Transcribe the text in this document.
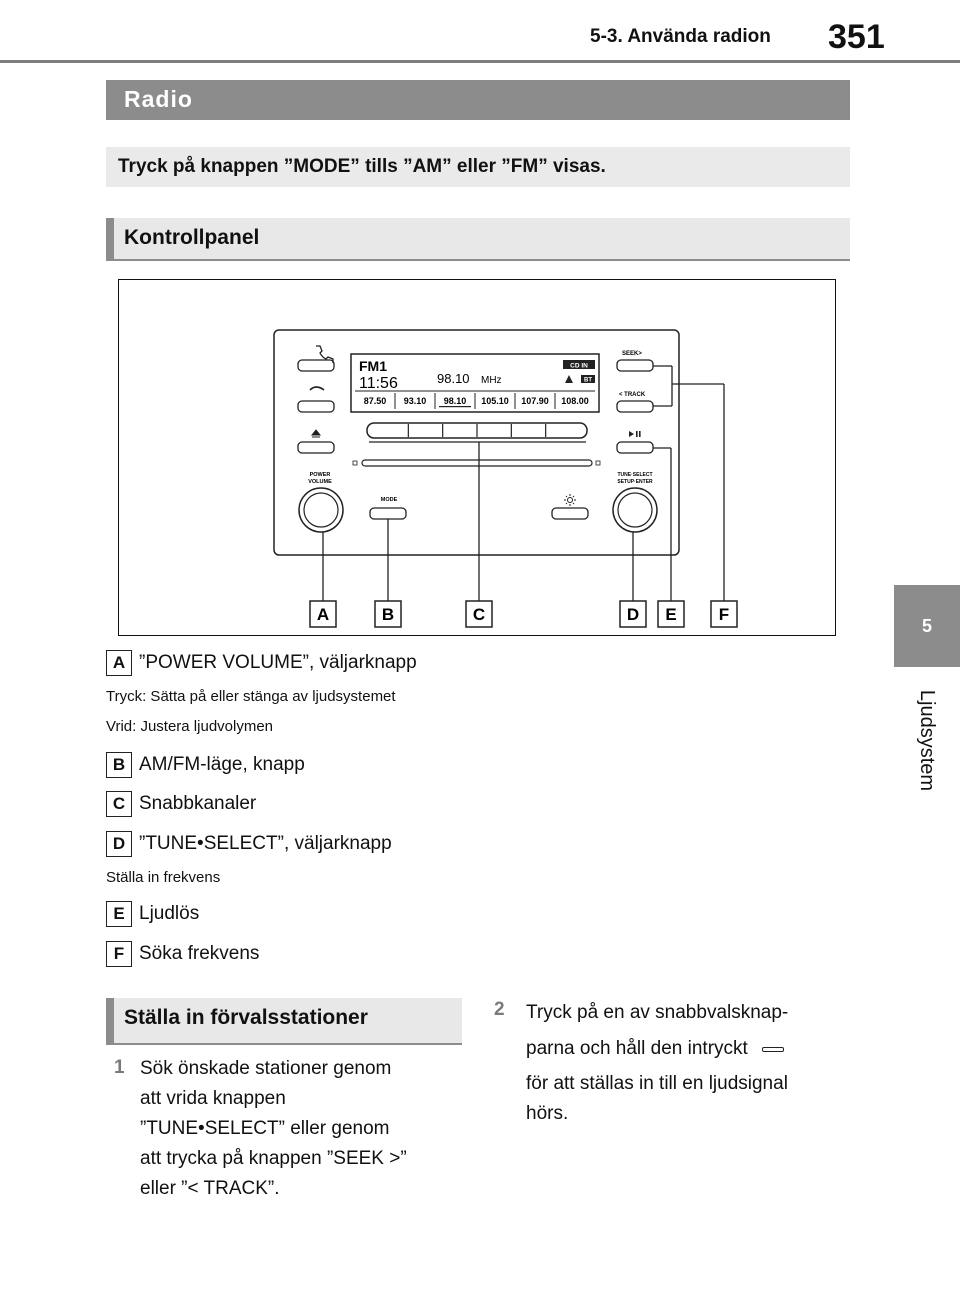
5-3. Använda radion 351
5
Ljudsystem
Radio
Tryck på knappen ”MODE” tills ”AM” eller ”FM” visas.
Kontrollpanel
POWER
VOLUME
FM1
11:56	98.10 MHz
CD IN
BT
87.50 93.10 98.10 105.10 107.90 108.00
MODE
SEEK>
< TRACK
TUNE·SELECT
SETUP·ENTER
A	B	C	D E F
A ”POWER VOLUME”, väljarknapp
Tryck: Sätta på eller stänga av ljudsystemet
Vrid: Justera ljudvolymen
B AM/FM-läge, knapp
C Snabbkanaler
D ”TUNE•SELECT”, väljarknapp
Ställa in frekvens
E Ljudlös
F Söka frekvens
Ställa in förvalsstationer
1 Sök önskade stationer genom
att vrida knappen
”TUNE•SELECT” eller genom
att trycka på knappen ”SEEK >”
eller ”< TRACK”.
2 Tryck på en av snabbvalsknap-
parna och håll den intryckt
för att ställas in till en ljudsignal
hörs.
